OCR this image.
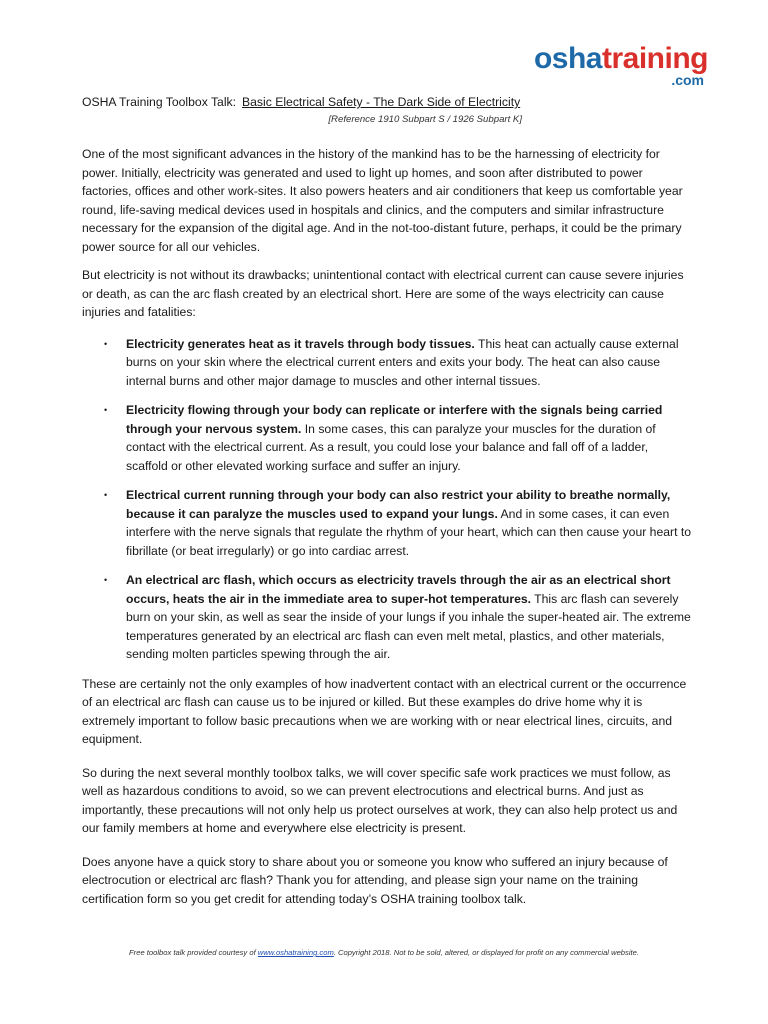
oshatraining
.com
OSHA Training Toolbox Talk: Basic Electrical Safety - The Dark Side of Electricity
[Reference 1910 Subpart S / 1926 Subpart K]

One of the most significant advances in the history of the mankind has to be the harnessing of electricity for power. Initially, electricity was generated and used to light up homes, and soon after distributed to power factories, offices and other work-sites. It also powers heaters and air conditioners that keep us comfortable year round, life-saving medical devices used in hospitals and clinics, and the computers and similar infrastructure necessary for the expansion of the digital age. And in the not-too-distant future, perhaps, it could be the primary power source for all our vehicles.

But electricity is not without its drawbacks; unintentional contact with electrical current can cause severe injuries or death, as can the arc flash created by an electrical short. Here are some of the ways electricity can cause injuries and fatalities:

• Electricity generates heat as it travels through body tissues. This heat can actually cause external burns on your skin where the electrical current enters and exits your body. The heat can also cause internal burns and other major damage to muscles and other internal tissues.
• Electricity flowing through your body can replicate or interfere with the signals being carried through your nervous system. In some cases, this can paralyze your muscles for the duration of contact with the electrical current. As a result, you could lose your balance and fall off of a ladder, scaffold or other elevated working surface and suffer an injury.
• Electrical current running through your body can also restrict your ability to breathe normally, because it can paralyze the muscles used to expand your lungs. And in some cases, it can even interfere with the nerve signals that regulate the rhythm of your heart, which can then cause your heart to fibrillate (or beat irregularly) or go into cardiac arrest.
• An electrical arc flash, which occurs as electricity travels through the air as an electrical short occurs, heats the air in the immediate area to super-hot temperatures. This arc flash can severely burn on your skin, as well as sear the inside of your lungs if you inhale the super-heated air. The extreme temperatures generated by an electrical arc flash can even melt metal, plastics, and other materials, sending molten particles spewing through the air.

These are certainly not the only examples of how inadvertent contact with an electrical current or the occurrence of an electrical arc flash can cause us to be injured or killed. But these examples do drive home why it is extremely important to follow basic precautions when we are working with or near electrical lines, circuits, and equipment.

So during the next several monthly toolbox talks, we will cover specific safe work practices we must follow, as well as hazardous conditions to avoid, so we can prevent electrocutions and electrical burns. And just as importantly, these precautions will not only help us protect ourselves at work, they can also help protect us and our family members at home and everywhere else electricity is present.

Does anyone have a quick story to share about you or someone you know who suffered an injury because of electrocution or electrical arc flash? Thank you for attending, and please sign your name on the training certification form so you get credit for attending today’s OSHA training toolbox talk.

Free toolbox talk provided courtesy of www.oshatraining.com. Copyright 2018. Not to be sold, altered, or displayed for profit on any commercial website.
